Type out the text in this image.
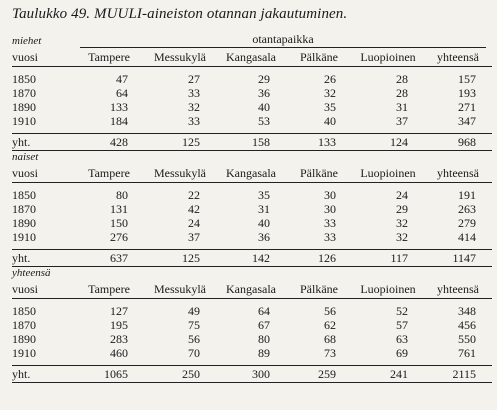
Taulukko 49. MUULI-aineiston otannan jakautuminen.
miehet	otantapaikka					

vuosi	Tampere	Messukylä	Kangasala	Pälkäne	Luopioinen	yhteensä

1850	47	27	29	26	28	157
1870	64	33	36	32	28	193
1890	133	32	40	35	31	271
1910	184	33	53	40	37	347

yht.	428	125	158	133	124	968
naiset						
vuosi	Tampere	Messukylä	Kangasala	Pälkäne	Luopioinen	yhteensä

1850	80	22	35	30	24	191
1870	131	42	31	30	29	263
1890	150	24	40	33	32	279
1910	276	37	36	33	32	414

yht.	637	125	142	126	117	1147
yhteensä						
vuosi	Tampere	Messukylä	Kangasala	Pälkäne	Luopioinen	yhteensä

1850	127	49	64	56	52	348
1870	195	75	67	62	57	456
1890	283	56	80	68	63	550
1910	460	70	89	73	69	761

yht.	1065	250	300	259	241	2115
